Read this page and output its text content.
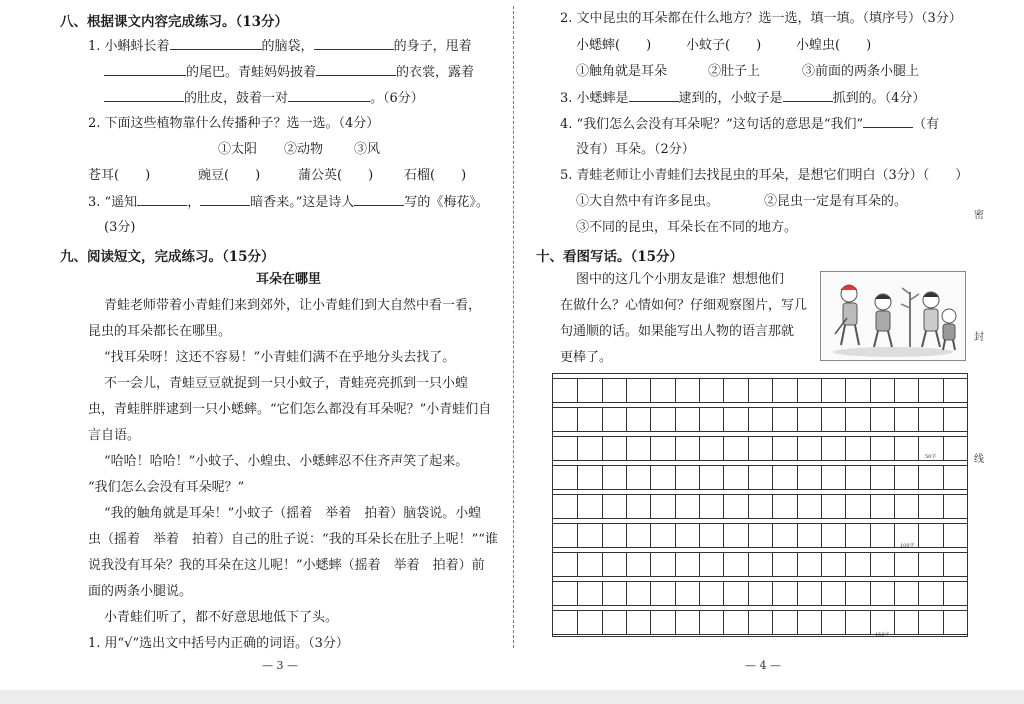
八、根据课文内容完成练习。（13分）
1. 小蝌蚪长着	的脑袋，	的身子，甩着
的尾巴。青蛙妈妈披着	的衣裳，露着
的肚皮，鼓着一对	。（6分）
2. 下面这些植物靠什么传播种子？选一选。（4分）
①太阳 ②动物 ③风
苍耳(　　)	豌豆(　　)	蒲公英(　　) 石榴(　　)
3. “遥知	，	暗香来。”这是诗人	写的《梅花》。
(3分)
九、阅读短文，完成练习。（15分）
耳朵在哪里
青蛙老师带着小青蛙们来到郊外，让小青蛙们到大自然中看一看，
昆虫的耳朵都长在哪里。
“找耳朵呀！这还不容易！”小青蛙们满不在乎地分头去找了。
不一会儿，青蛙豆豆就捉到一只小蚊子，青蛙亮亮抓到一只小蝗
虫，青蛙胖胖逮到一只小蟋蟀。“它们怎么都没有耳朵呢？”小青蛙们自
言自语。
“哈哈！哈哈！”小蚊子、小蝗虫、小蟋蟀忍不住齐声笑了起来。
“我们怎么会没有耳朵呢？”
“我的触角就是耳朵！”小蚊子（摇着　举着　拍着）脑袋说。小蝗
虫（摇着　举着　拍着）自己的肚子说：“我的耳朵长在肚子上呢！”“谁
说我没有耳朵？我的耳朵在这儿呢！”小蟋蟀（摇着　举着　拍着）前
面的两条小腿说。
小青蛙们听了，都不好意思地低下了头。
1. 用“√”选出文中括号内正确的词语。（3分）
— 3 —
2. 文中昆虫的耳朵都在什么地方？选一选，填一填。（填序号）（3分）
小蟋蟀(　　)	小蚊子(　　)	小蝗虫(　　)
①触角就是耳朵	②肚子上	③前面的两条小腿上
3. 小蟋蟀是	逮到的，小蚊子是	抓到的。（4分）
4. “我们怎么会没有耳朵呢？”这句话的意思是“我们”	（有
没有）耳朵。（2分）
5. 青蛙老师让小青蛙们去找昆虫的耳朵，是想它们明白（3分）（　　）
①大自然中有许多昆虫。	②昆虫一定是有耳朵的。
③不同的昆虫，耳朵长在不同的地方。
十、看图写话。（15分）
图中的这几个小朋友是谁？想想他们
在做什么？心情如何？仔细观察图片，写几
句通顺的话。如果能写出人物的语言那就
更棒了。
50字
100字
150字
— 4 —
密
封
线
